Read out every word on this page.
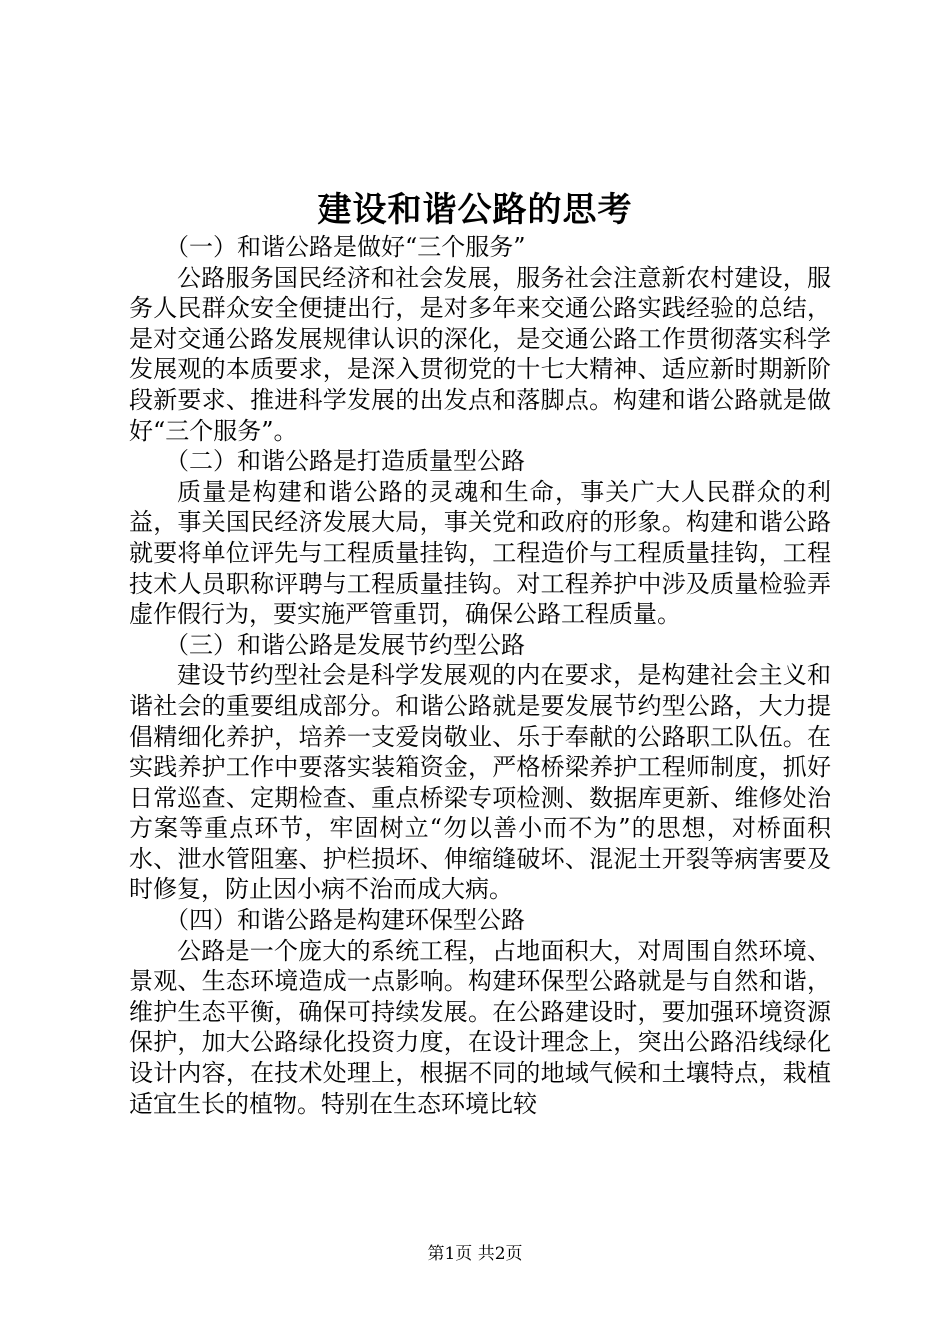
建设和谐公路的思考

（一）和谐公路是做好“三个服务”

公路服务国民经济和社会发展，服务社会注意新农村建设，服务人民群众安全便捷出行，是对多年来交通公路实践经验的总结，是对交通公路发展规律认识的深化，是交通公路工作贯彻落实科学发展观的本质要求，是深入贯彻党的十七大精神、适应新时期新阶段新要求、推进科学发展的出发点和落脚点。构建和谐公路就是做好“三个服务”。

（二）和谐公路是打造质量型公路

质量是构建和谐公路的灵魂和生命，事关广大人民群众的利益，事关国民经济发展大局，事关党和政府的形象。构建和谐公路就要将单位评先与工程质量挂钩，工程造价与工程质量挂钩，工程技术人员职称评聘与工程质量挂钩。对工程养护中涉及质量检验弄虚作假行为，要实施严管重罚，确保公路工程质量。

（三）和谐公路是发展节约型公路

建设节约型社会是科学发展观的内在要求，是构建社会主义和谐社会的重要组成部分。和谐公路就是要发展节约型公路，大力提倡精细化养护，培养一支爱岗敬业、乐于奉献的公路职工队伍。在实践养护工作中要落实装箱资金，严格桥梁养护工程师制度，抓好日常巡查、定期检查、重点桥梁专项检测、数据库更新、维修处治方案等重点环节，牢固树立“勿以善小而不为”的思想，对桥面积水、泄水管阻塞、护栏损坏、伸缩缝破坏、混泥土开裂等病害要及时修复，防止因小病不治而成大病。

（四）和谐公路是构建环保型公路

公路是一个庞大的系统工程，占地面积大，对周围自然环境、景观、生态环境造成一点影响。构建环保型公路就是与自然和谐，维护生态平衡，确保可持续发展。在公路建设时，要加强环境资源保护，加大公路绿化投资力度，在设计理念上，突出公路沿线绿化设计内容，在技术处理上，根据不同的地域气候和土壤特点，栽植适宜生长的植物。特别在生态环境比较

第1页 共2页
